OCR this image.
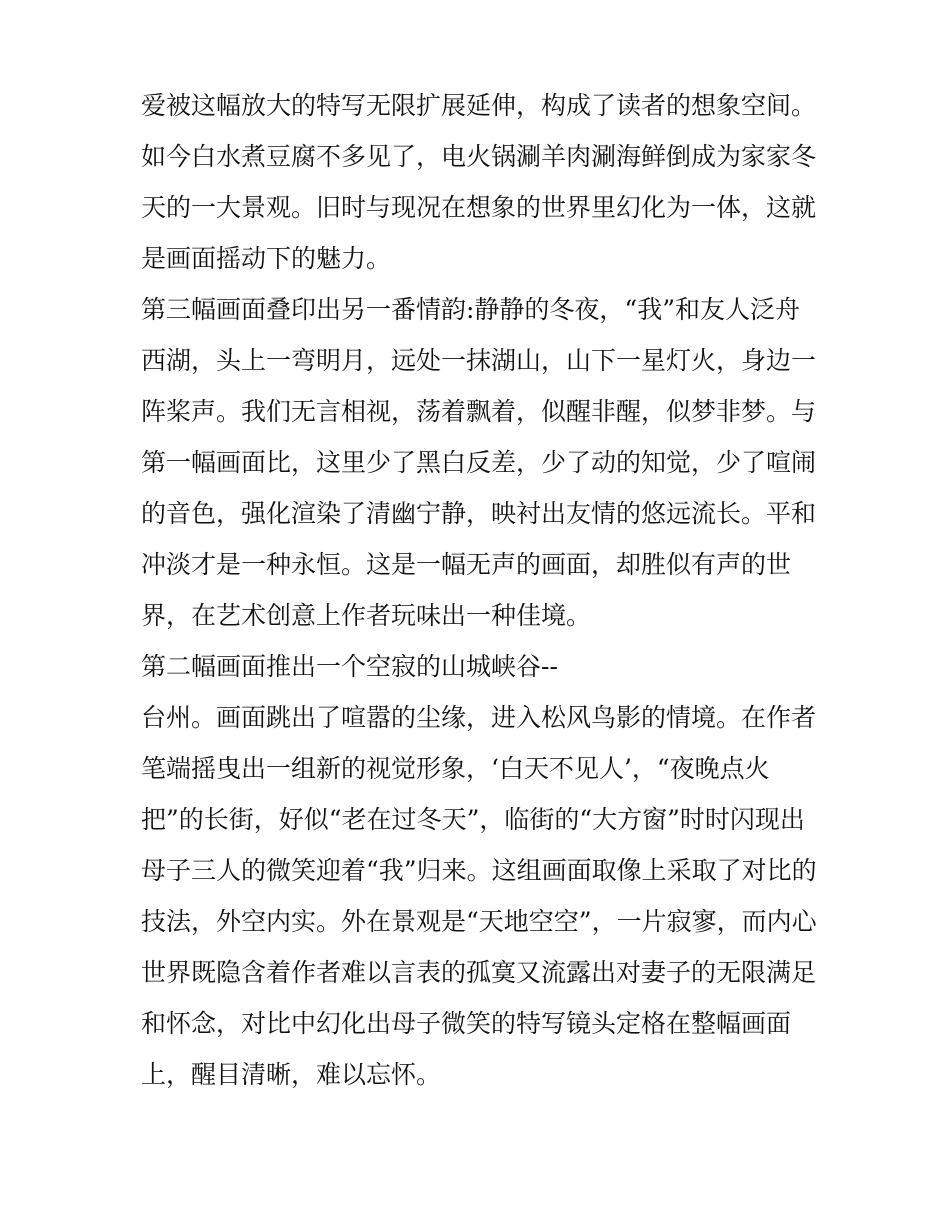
爱被这幅放大的特写无限扩展延伸，构成了读者的想象空间。
如今白水煮豆腐不多见了，电火锅涮羊肉涮海鲜倒成为家家冬
天的一大景观。旧时与现况在想象的世界里幻化为一体，这就
是画面摇动下的魅力。
第三幅画面叠印出另一番情韵:静静的冬夜，“我”和友人泛舟
西湖，头上一弯明月，远处一抹湖山，山下一星灯火，身边一
阵桨声。我们无言相视，荡着飘着，似醒非醒，似梦非梦。与
第一幅画面比，这里少了黑白反差，少了动的知觉，少了喧闹
的音色，强化渲染了清幽宁静，映衬出友情的悠远流长。平和
冲淡才是一种永恒。这是一幅无声的画面，却胜似有声的世
界，在艺术创意上作者玩味出一种佳境。
第二幅画面推出一个空寂的山城峡谷--
台州。画面跳出了喧嚣的尘缘，进入松风鸟影的情境。在作者
笔端摇曳出一组新的视觉形象，‘白天不见人’，“夜晚点火
把”的长街，好似“老在过冬天”，临街的“大方窗”时时闪现出
母子三人的微笑迎着“我”归来。这组画面取像上采取了对比的
技法，外空内实。外在景观是“天地空空”，一片寂寥，而内心
世界既隐含着作者难以言表的孤寞又流露出对妻子的无限满足
和怀念，对比中幻化出母子微笑的特写镜头定格在整幅画面
上，醒目清晰，难以忘怀。
